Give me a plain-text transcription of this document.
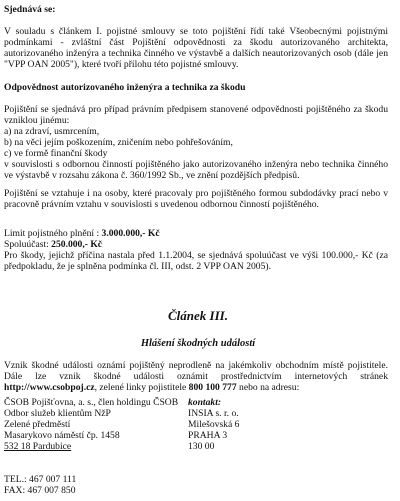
Sjednává se:

V souladu s článkem I. pojistné smlouvy se toto pojištění řídí také Všeobecnými pojistnými podmínkami - zvláštní část Pojištění odpovědnosti za škodu autorizovaného architekta, autorizovaného inženýra a technika činného ve výstavbě a dalších neautorizovaných osob (dále jen "VPP OAN 2005"), které tvoří přílohu této pojistné smlouvy.

Odpovědnost autorizovaného inženýra a technika za škodu

Pojištění se sjednává pro případ právním předpisem stanovené odpovědnosti pojištěného za škodu vzniklou jinému:
a) na zdraví, usmrcením,
b) na věci jejím poškozením, zničením nebo pohřešováním,
c) ve formě finanční škody
v souvislosti s odbornou činností pojištěného jako autorizovaného inženýra nebo technika činného ve výstavbě v rozsahu zákona č. 360/1992 Sb., ve znění pozdějších předpisů.

Pojištění se vztahuje i na osoby, které pracovaly pro pojištěného formou subdodávky prací nebo v pracovně právním vztahu v souvislosti s uvedenou odbornou činností pojištěného.

Limit pojistného plnění : 3.000.000,- Kč
Spoluúčast: 250.000,- Kč
Pro škody, jejichž příčina nastala před 1.1.2004, se sjednává spoluúčast ve výši 100.000,- Kč (za předpokladu, že je splněna podmínka čl. III, odst. 2 VPP OAN 2005).

Článek III.

Hlášení škodných událostí

Vznik škodné události oznámí pojištěný neprodleně na jakémkoliv obchodním místě pojistitele. Dále lze vznik škodné události oznámit prostřednictvím internetových stránek http://www.csobpoj.cz, zelené linky pojistitele 800 100 777 nebo na adresu:

ČSOB Pojišťovna, a. s., člen holdingu ČSOB
Odbor služeb klientům NžP
Zelené předměstí
Masarykovo náměstí čp. 1458
532 18 Pardubice
kontakt:
INSIA s. r. o.
Milešovská 6
PRAHA 3
130 00
TEL.: 467 007 111
FAX: 467 007 850
